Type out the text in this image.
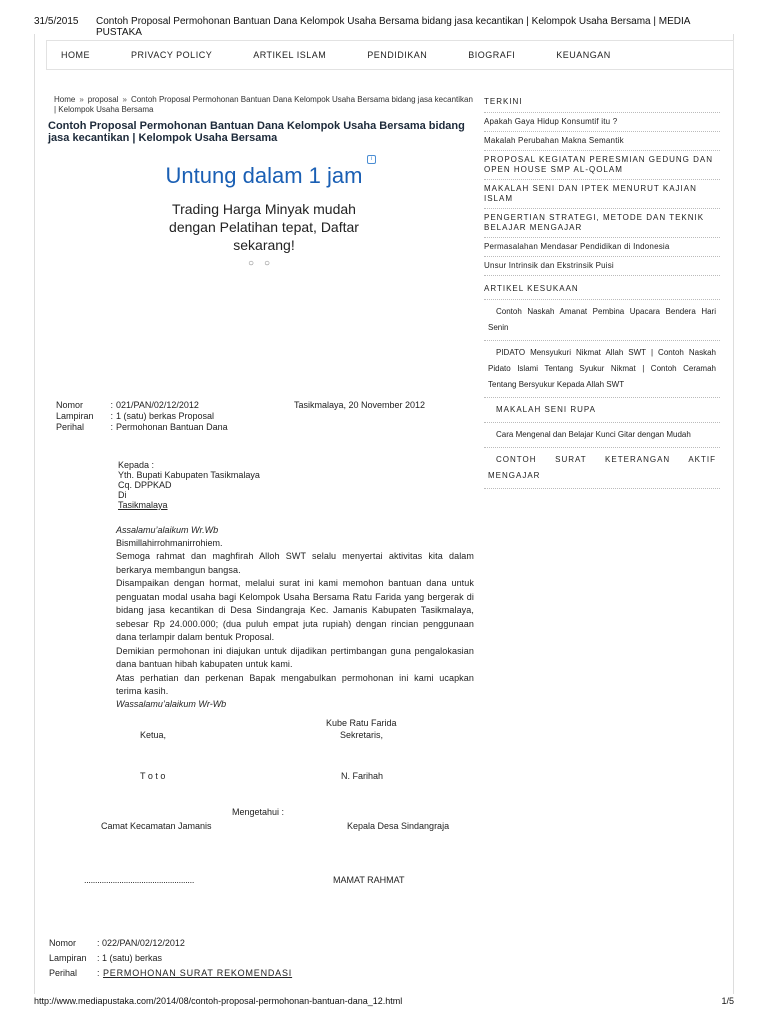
31/5/2015	Contoh Proposal Permohonan Bantuan Dana Kelompok Usaha Bersama bidang jasa kecantikan | Kelompok Usaha Bersama | MEDIA PUSTAKA
HOME	PRIVACY POLICY	ARTIKEL ISLAM	PENDIDIKAN	BIOGRAFI	KEUANGAN
Home » proposal » Contoh Proposal Permohonan Bantuan Dana Kelompok Usaha Bersama bidang jasa kecantikan | Kelompok Usaha Bersama
Contoh Proposal Permohonan Bantuan Dana Kelompok Usaha Bersama bidang jasa kecantikan | Kelompok Usaha Bersama
i
Untung dalam 1 jam
Trading Harga Minyak mudah dengan Pelatihan tepat, Daftar sekarang!
○○
Nomor	: 021/PAN/02/12/2012	Tasikmalaya, 20 November 2012
Lampiran	: 1 (satu) berkas Proposal
Perihal	: Permohonan Bantuan Dana
Kepada :
Yth. Bupati Kabupaten Tasikmalaya
Cq. DPPKAD
Di
Tasikmalaya
Assalamu’alaikum Wr.Wb
Bismillahirrohmanirrohiem.
Semoga rahmat dan maghfirah Alloh SWT selalu menyertai aktivitas kita dalam berkarya membangun bangsa.
Disampaikan dengan hormat, melalui surat ini kami memohon bantuan dana untuk penguatan modal usaha bagi Kelompok Usaha Bersama Ratu Farida yang bergerak di bidang jasa kecantikan di Desa Sindangraja Kec. Jamanis Kabupaten Tasikmalaya, sebesar Rp 24.000.000; (dua puluh empat juta rupiah) dengan rincian penggunaan dana terlampir dalam bentuk Proposal.
Demikian permohonan ini diajukan untuk dijadikan pertimbangan guna pengalokasian dana bantuan hibah kabupaten untuk kami.
Atas perhatian dan perkenan Bapak mengabulkan permohonan ini kami ucapkan terima kasih.
Wassalamu’alaikum Wr-Wb
Kube Ratu Farida
Ketua,	Sekretaris,
T o t o	N. Farihah
Mengetahui :
Camat Kecamatan Jamanis	Kepala Desa Sindangraja
..................................................	MAMAT RAHMAT
Nomor	: 022/PAN/02/12/2012
Lampiran	: 1 (satu) berkas
Perihal	: PERMOHONAN SURAT REKOMENDASI
TERKINI
Apakah Gaya Hidup Konsumtif itu ?
Makalah Perubahan Makna Semantik
PROPOSAL KEGIATAN PERESMIAN GEDUNG DAN OPEN HOUSE SMP AL-QOLAM
MAKALAH SENI DAN IPTEK MENURUT KAJIAN ISLAM
PENGERTIAN STRATEGI, METODE DAN TEKNIK BELAJAR MENGAJAR
Permasalahan Mendasar Pendidikan di Indonesia
Unsur Intrinsik dan Ekstrinsik Puisi
ARTIKEL KESUKAAN
Contoh Naskah Amanat Pembina Upacara Bendera Hari Senin
PIDATO Mensyukuri Nikmat Allah SWT | Contoh Naskah Pidato Islami Tentang Syukur Nikmat | Contoh Ceramah Tentang Bersyukur Kepada Allah SWT
MAKALAH SENI RUPA
Cara Mengenal dan Belajar Kunci Gitar dengan Mudah
CONTOH SURAT KETERANGAN AKTIF MENGAJAR
http://www.mediapustaka.com/2014/08/contoh-proposal-permohonan-bantuan-dana_12.html	1/5
